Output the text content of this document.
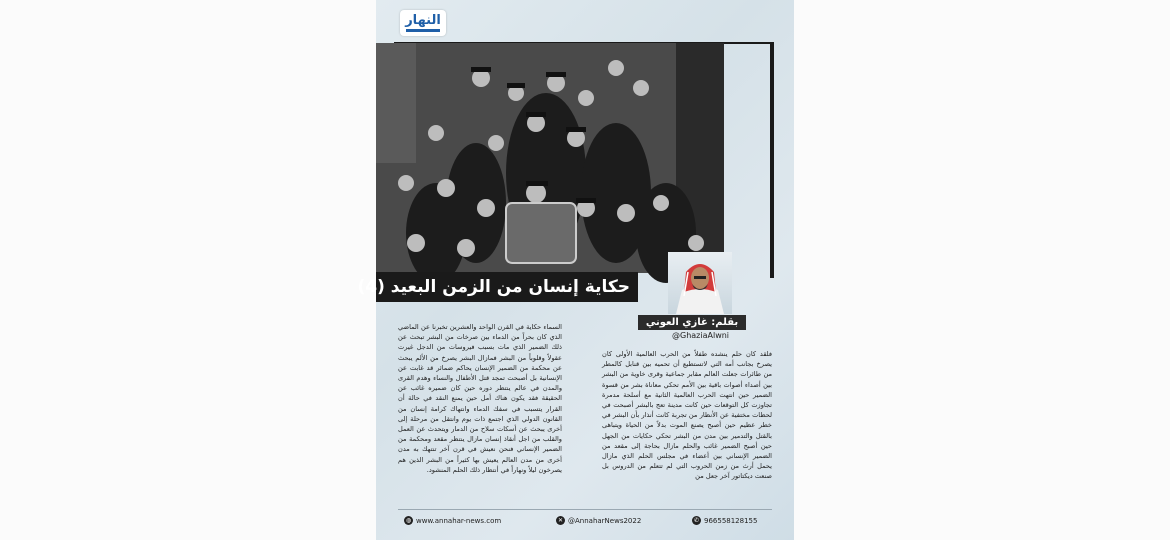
النهار
حكاية إنسان من الزمن البعيد (4)
بقلم: غازي العوني
@GhaziaAlwni
السماء حكاية في القرن الواحد والعشرين تخبرنا عن الماضي الذي كان بحراً من الدماء بين صرخات من البشر تبحث عن ذلك الضمير الذي مات بسبب فيروسات من الدجل غيرت عقولاً وقلوباً من البشر فمازال البشر يصرخ من الألم يبحث عن محكمة من الضمير الإنسان يحاكم ضمائر قد غابت عن الإنسانية بل أصبحت تمجد قتل الأطفال والنساء وهدم القرى والمدن في عالم ينتظر دوره حين كان ضميره غائب عن الحقيقة فقد يكون هناك أمل حين يمنع النقد في حالة أن القرار يتسبب في سفك الدماء وانتهاك كرامة إنسان من القانون الدولي الذي اجتمع ذات يوم وانتقل من مرحلة إلى أخرى يبحث عن أسكات سلاح من الدمار ويتحدث عن العمل والقلب من اجل أنقاذ إنسان مازال ينتظر مقعد ومحكمة من الضمير الإنساني فنحن نعيش في قرن آخر تنتهك به مدن أخرى من مدن العالم يعيش بها كثيراً من البشر الذين هم يصرخون ليلاً ونهاراً في أنتظار ذلك الحلم المنشود.
فلقد كان حلم ينشده طفلاً من الحرب العالمية الأولى كان يصرخ بجانب أمه التي لاتستطيع أن تحميه بين قنابل كالمطر من طائرات جعلت العالم مقابر جماعية وقرى خاوية من البشر بين أصداء أصوات باقية بين الأمم تحكي معاناة بشر من قسوة الضمير حين انتهت الحرب العالمية الثانية مع أسلحة مدمرة تجاوزت كل التوقعات حين كانت مدينة تعج بالبشر أصبحت في لحظات مختفية عن الأنظار من تجربة كانت أنذار بأن البشر في خطر عظيم حين أصبح يصنع الموت بدلاً من الحياة ويتباهى بالقتل والتدمير بين مدن من البشر تحكي حكايات من الجهل حين أصبح الضمير غائب والحلم مازال بحاجة إلى مقعد من الضمير الإنساني بين أعضاء في مجلس الحلم الذي مازال يحمل أرث من زمن الحروب التي لم تتعلم من الدروس بل صنعت ديكتاتور آخر جعل من
◍ www.annahar-news.com	✕ @AnnaharNews2022	✆ 966558128155
